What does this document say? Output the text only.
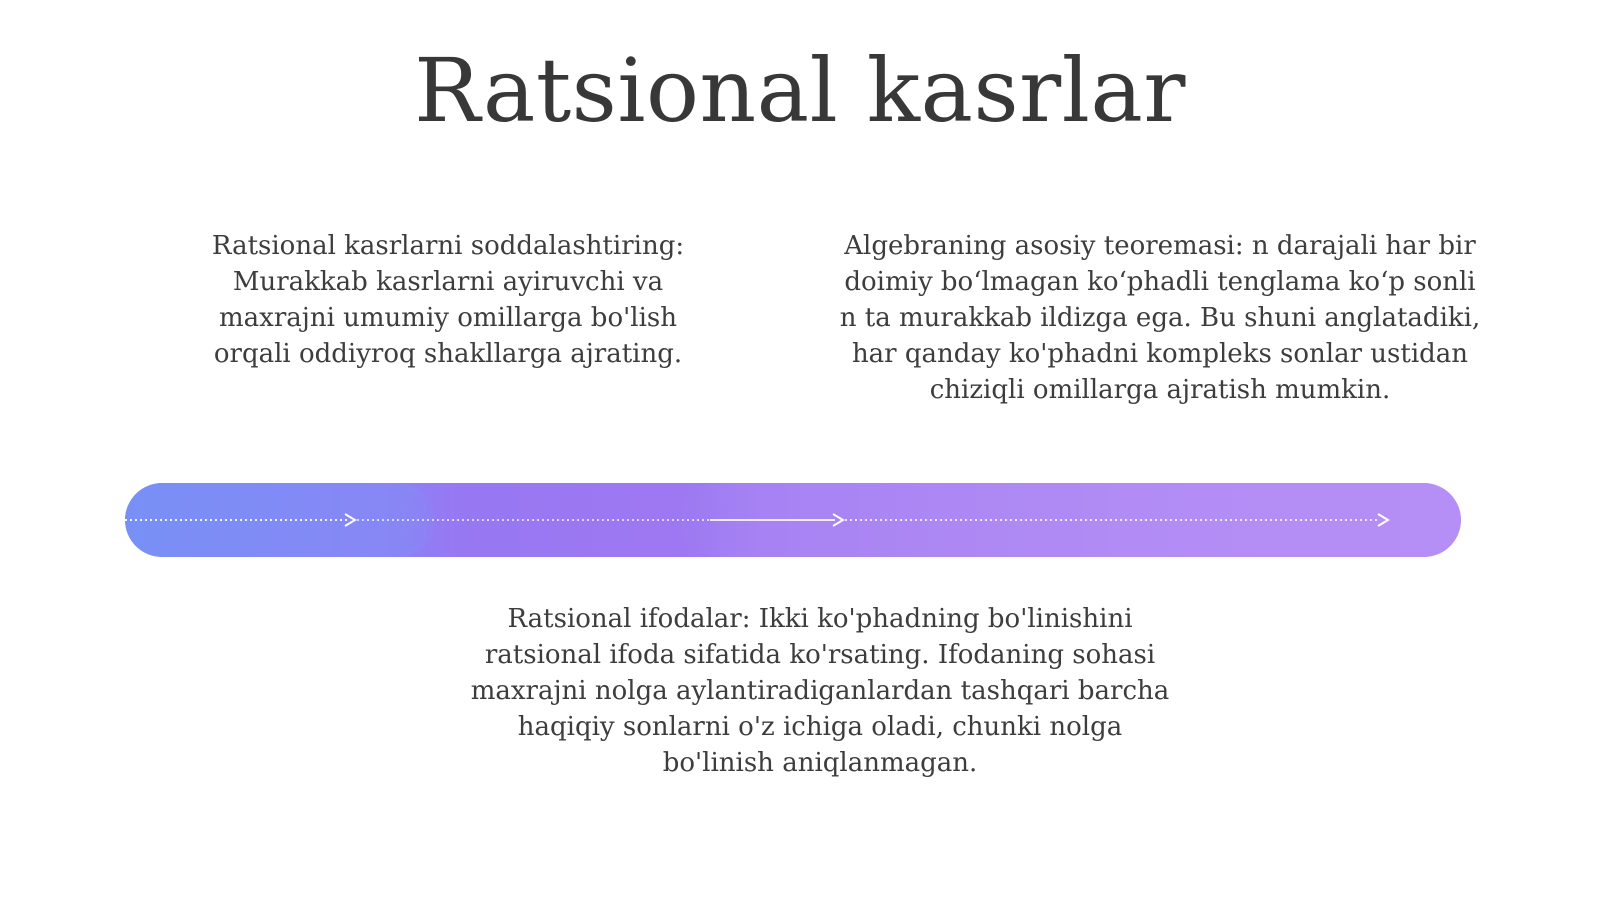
Ratsional kasrlar
Ratsional kasrlarni soddalashtiring: Murakkab kasrlarni ayiruvchi va maxrajni umumiy omillarga bo'lish orqali oddiyroq shakllarga ajrating.
Algebraning asosiy teoremasi: n darajali har bir doimiy bo‘lmagan ko‘phadli tenglama ko‘p sonli n ta murakkab ildizga ega. Bu shuni anglatadiki, har qanday ko'phadni kompleks sonlar ustidan chiziqli omillarga ajratish mumkin.
Ratsional ifodalar: Ikki ko'phadning bo'linishini ratsional ifoda sifatida ko'rsating. Ifodaning sohasi maxrajni nolga aylantiradiganlardan tashqari barcha haqiqiy sonlarni o'z ichiga oladi, chunki nolga bo'linish aniqlanmagan.
